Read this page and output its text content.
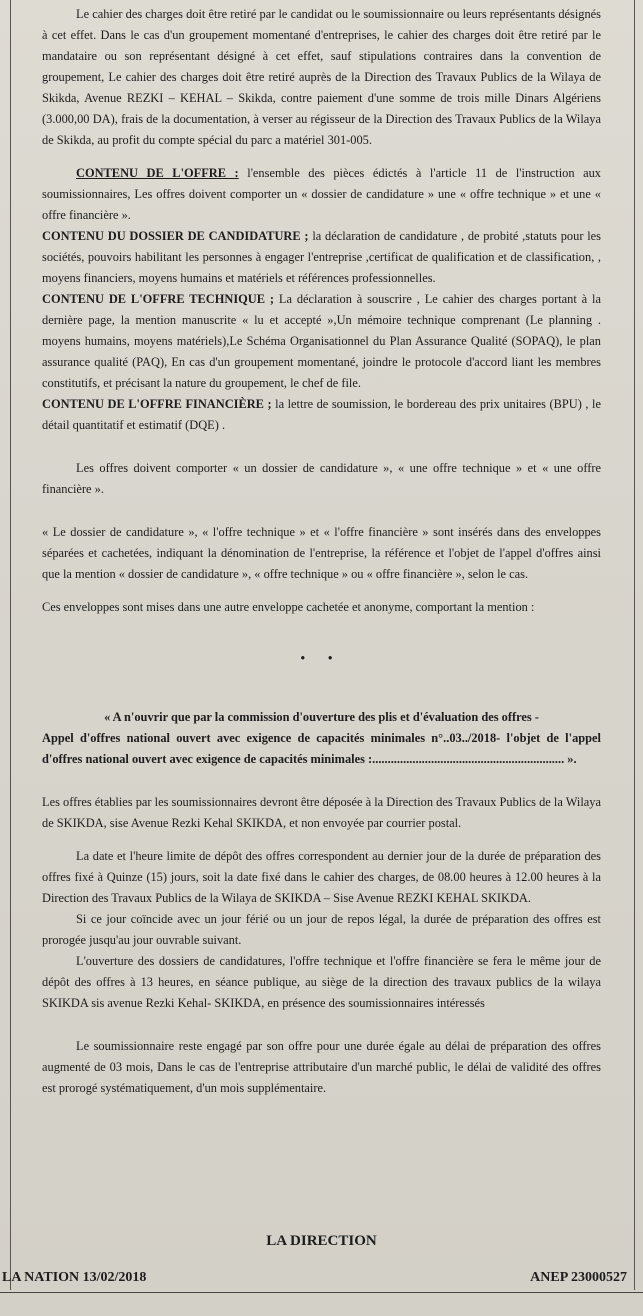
Le cahier des charges doit être retiré par le candidat ou le soumissionnaire ou leurs représentants désignés à cet effet. Dans le cas d'un groupement momentané d'entreprises, le cahier des charges doit être retiré par le mandataire ou son représentant désigné à cet effet, sauf stipulations contraires dans la convention de groupement, Le cahier des charges doit être retiré auprès de la Direction des Travaux Publics de la Wilaya de Skikda, Avenue REZKI – KEHAL – Skikda, contre paiement d'une somme de trois mille Dinars Algériens (3.000,00 DA), frais de la documentation, à verser au régisseur de la Direction des Travaux Publics de la Wilaya de Skikda, au profit du compte spécial du parc a matériel 301-005.

CONTENU DE L'OFFRE : l'ensemble des pièces édictés à l'article 11 de l'instruction aux soumissionnaires, Les offres doivent comporter un « dossier de candidature » une « offre technique » et une « offre financière ».

CONTENU DU DOSSIER DE CANDIDATURE ; la déclaration de candidature , de probité ,statuts pour les sociétés, pouvoirs habilitant les personnes à engager l'entreprise ,certificat de qualification et de classification, , moyens financiers, moyens humains et matériels et références professionnelles.

CONTENU DE L'OFFRE TECHNIQUE ; La déclaration à souscrire , Le cahier des charges portant à la dernière page, la mention manuscrite « lu et accepté »,Un mémoire technique comprenant (Le planning . moyens humains, moyens matériels),Le Schéma Organisationnel du Plan Assurance Qualité (SOPAQ), le plan assurance qualité (PAQ), En cas d'un groupement momentané, joindre le protocole d'accord liant les membres constitutifs, et précisant la nature du groupement, le chef de file.

CONTENU DE L'OFFRE FINANCIÈRE ; la lettre de soumission, le bordereau des prix unitaires (BPU) , le détail quantitatif et estimatif (DQE) .

Les offres doivent comporter « un dossier de candidature », « une offre technique » et « une offre financière ».

« Le dossier de candidature », « l'offre technique » et « l'offre financière » sont insérés dans des enveloppes séparées et cachetées, indiquant la dénomination de l'entreprise, la référence et l'objet de l'appel d'offres ainsi que la mention « dossier de candidature », « offre technique » ou « offre financière », selon le cas.

Ces enveloppes sont mises dans une autre enveloppe cachetée et anonyme, comportant la mention :

• •

« A n'ouvrir que par la commission d'ouverture des plis et d'évaluation des offres -

Appel d'offres national ouvert avec exigence de capacités minimales n°..03../2018- l'objet de l'appel d'offres national ouvert avec exigence de capacités minimales :.............................................................. ».

Les offres établies par les soumissionnaires devront être déposée à la Direction des Travaux Publics de la Wilaya de SKIKDA, sise Avenue Rezki Kehal SKIKDA, et non envoyée par courrier postal.

La date et l'heure limite de dépôt des offres correspondent au dernier jour de la durée de préparation des offres fixé à Quinze (15) jours, soit la date fixé dans le cahier des charges, de 08.00 heures à 12.00 heures à la Direction des Travaux Publics de la Wilaya de SKIKDA – Sise Avenue REZKI KEHAL SKIKDA.

Si ce jour coïncide avec un jour férié ou un jour de repos légal, la durée de préparation des offres est prorogée jusqu'au jour ouvrable suivant.

L'ouverture des dossiers de candidatures, l'offre technique et l'offre financière se fera le même jour de dépôt des offres à 13 heures, en séance publique, au siège de la direction des travaux publics de la wilaya SKIKDA sis avenue Rezki Kehal- SKIKDA, en présence des soumissionnaires intéressés

Le soumissionnaire reste engagé par son offre pour une durée égale au délai de préparation des offres augmenté de 03 mois, Dans le cas de l'entreprise attributaire d'un marché public, le délai de validité des offres est prorogé systématiquement, d'un mois supplémentaire.

LA DIRECTION
LA NATION 13/02/2018	ANEP 23000527
